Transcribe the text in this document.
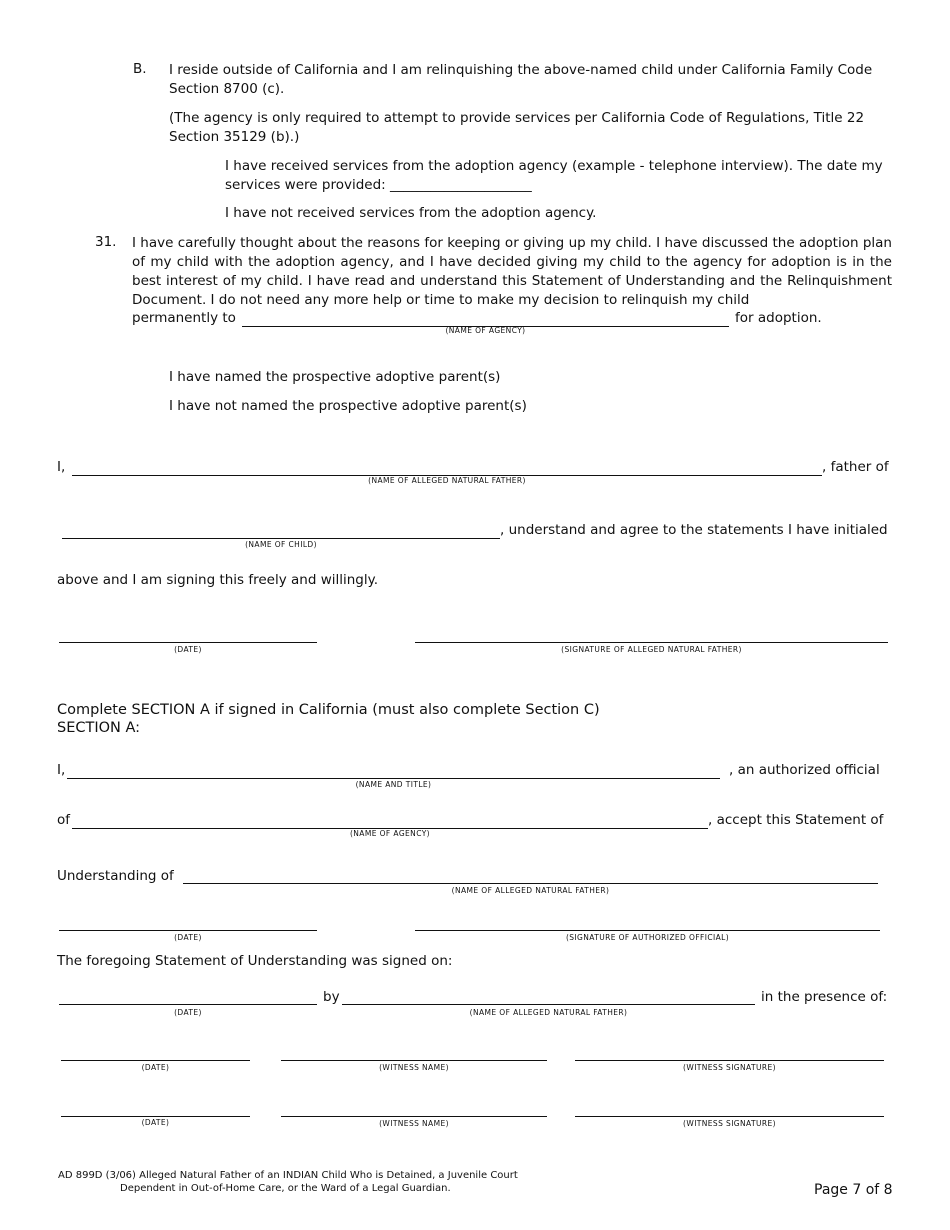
B. I reside outside of California and I am relinquishing the above-named child under California Family Code Section 8700 (c).
(The agency is only required to attempt to provide services per California Code of Regulations, Title 22 Section 35129 (b).)
I have received services from the adoption agency (example - telephone interview). The date my services were provided: _____________________
I have not received services from the adoption agency.
31. I have carefully thought about the reasons for keeping or giving up my child. I have discussed the adoption plan of my child with the adoption agency, and I have decided giving my child to the agency for adoption is in the best interest of my child. I have read and understand this Statement of Understanding and the Relinquishment Document. I do not need any more help or time to make my decision to relinquish my child
permanently to	for adoption.
(NAME OF AGENCY)
I have named the prospective adoptive parent(s)
I have not named the prospective adoptive parent(s)
I,	, father of
(NAME OF ALLEGED NATURAL FATHER)
, understand and agree to the statements I have initialed
(NAME OF CHILD)
above and I am signing this freely and willingly.
(DATE)	(SIGNATURE OF ALLEGED NATURAL FATHER)
Complete SECTION A if signed in California (must also complete Section C)
SECTION A:
I,	, an authorized official
(NAME AND TITLE)
of	, accept this Statement of
(NAME OF AGENCY)
Understanding of
(NAME OF ALLEGED NATURAL FATHER)
(DATE)	(SIGNATURE OF AUTHORIZED OFFICIAL)
The foregoing Statement of Understanding was signed on:
by	in the presence of:
(DATE)	(NAME OF ALLEGED NATURAL FATHER)
(DATE)	(WITNESS NAME)	(WITNESS SIGNATURE)
(DATE)	(WITNESS NAME)	(WITNESS SIGNATURE)
AD 899D (3/06) Alleged Natural Father of an INDIAN Child Who is Detained, a Juvenile Court
Dependent in Out-of-Home Care, or the Ward of a Legal Guardian.	Page 7 of 8
